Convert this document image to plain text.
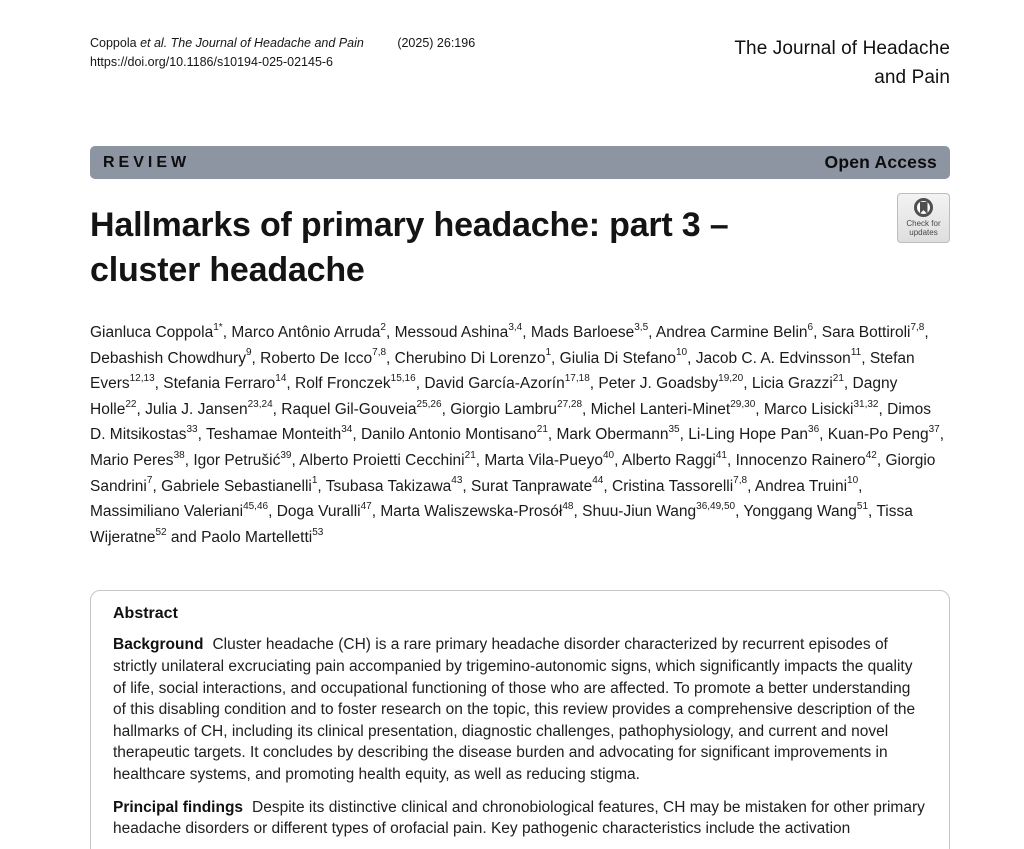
Coppola et al. The Journal of Headache and Pain	(2025) 26:196
https://doi.org/10.1186/s10194-025-02145-6
The Journal of Headache
and Pain
REVIEW	Open Access
Hallmarks of primary headache: part 3 – cluster headache
Check for
updates

Gianluca Coppola$^{1*}$, Marco Antônio Arruda$^2$, Messoud Ashina$^{3,4}$, Mads Barloese$^{3,5}$, Andrea Carmine Belin$^6$, Sara Bottiroli$^{7,8}$, Debashish Chowdhury$^9$, Roberto De Icco$^{7,8}$, Cherubino Di Lorenzo$^1$, Giulia Di Stefano$^{10}$, Jacob C. A. Edvinsson$^{11}$, Stefan Evers$^{12,13}$, Stefania Ferraro$^{14}$, Rolf Fronczek$^{15,16}$, David García-Azorín$^{17,18}$, Peter J. Goadsby$^{19,20}$, Licia Grazzi$^{21}$, Dagny Holle$^{22}$, Julia J. Jansen$^{23,24}$, Raquel Gil-Gouveia$^{25,26}$, Giorgio Lambru$^{27,28}$, Michel Lanteri-Minet$^{29,30}$, Marco Lisicki$^{31,32}$, Dimos D. Mitsikostas$^{33}$, Teshamae Monteith$^{34}$, Danilo Antonio Montisano$^{21}$, Mark Obermann$^{35}$, Li-Ling Hope Pan$^{36}$, Kuan-Po Peng$^{37}$, Mario Peres$^{38}$, Igor Petrušić$^{39}$, Alberto Proietti Cecchini$^{21}$, Marta Vila-Pueyo$^{40}$, Alberto Raggi$^{41}$, Innocenzo Rainero$^{42}$, Giorgio Sandrini$^7$, Gabriele Sebastianelli$^1$, Tsubasa Takizawa$^{43}$, Surat Tanprawate$^{44}$, Cristina Tassorelli$^{7,8}$, Andrea Truini$^{10}$, Massimiliano Valeriani$^{45,46}$, Doga Vuralli$^{47}$, Marta Waliszewska-Prosół$^{48}$, Shuu-Jiun Wang$^{36,49,50}$, Yonggang Wang$^{51}$, Tissa Wijeratne$^{52}$ and Paolo Martelletti$^{53}$

Abstract

Background Cluster headache (CH) is a rare primary headache disorder characterized by recurrent episodes of strictly unilateral excruciating pain accompanied by trigemino-autonomic signs, which significantly impacts the quality of life, social interactions, and occupational functioning of those who are affected. To promote a better understanding of this disabling condition and to foster research on the topic, this review provides a comprehensive description of the hallmarks of CH, including its clinical presentation, diagnostic challenges, pathophysiology, and current and novel therapeutic targets. It concludes by describing the disease burden and advocating for significant improvements in healthcare systems, and promoting health equity, as well as reducing stigma.

Principal findings Despite its distinctive clinical and chronobiological features, CH may be mistaken for other primary headache disorders or different types of orofacial pain. Key pathogenic characteristics include the activation
